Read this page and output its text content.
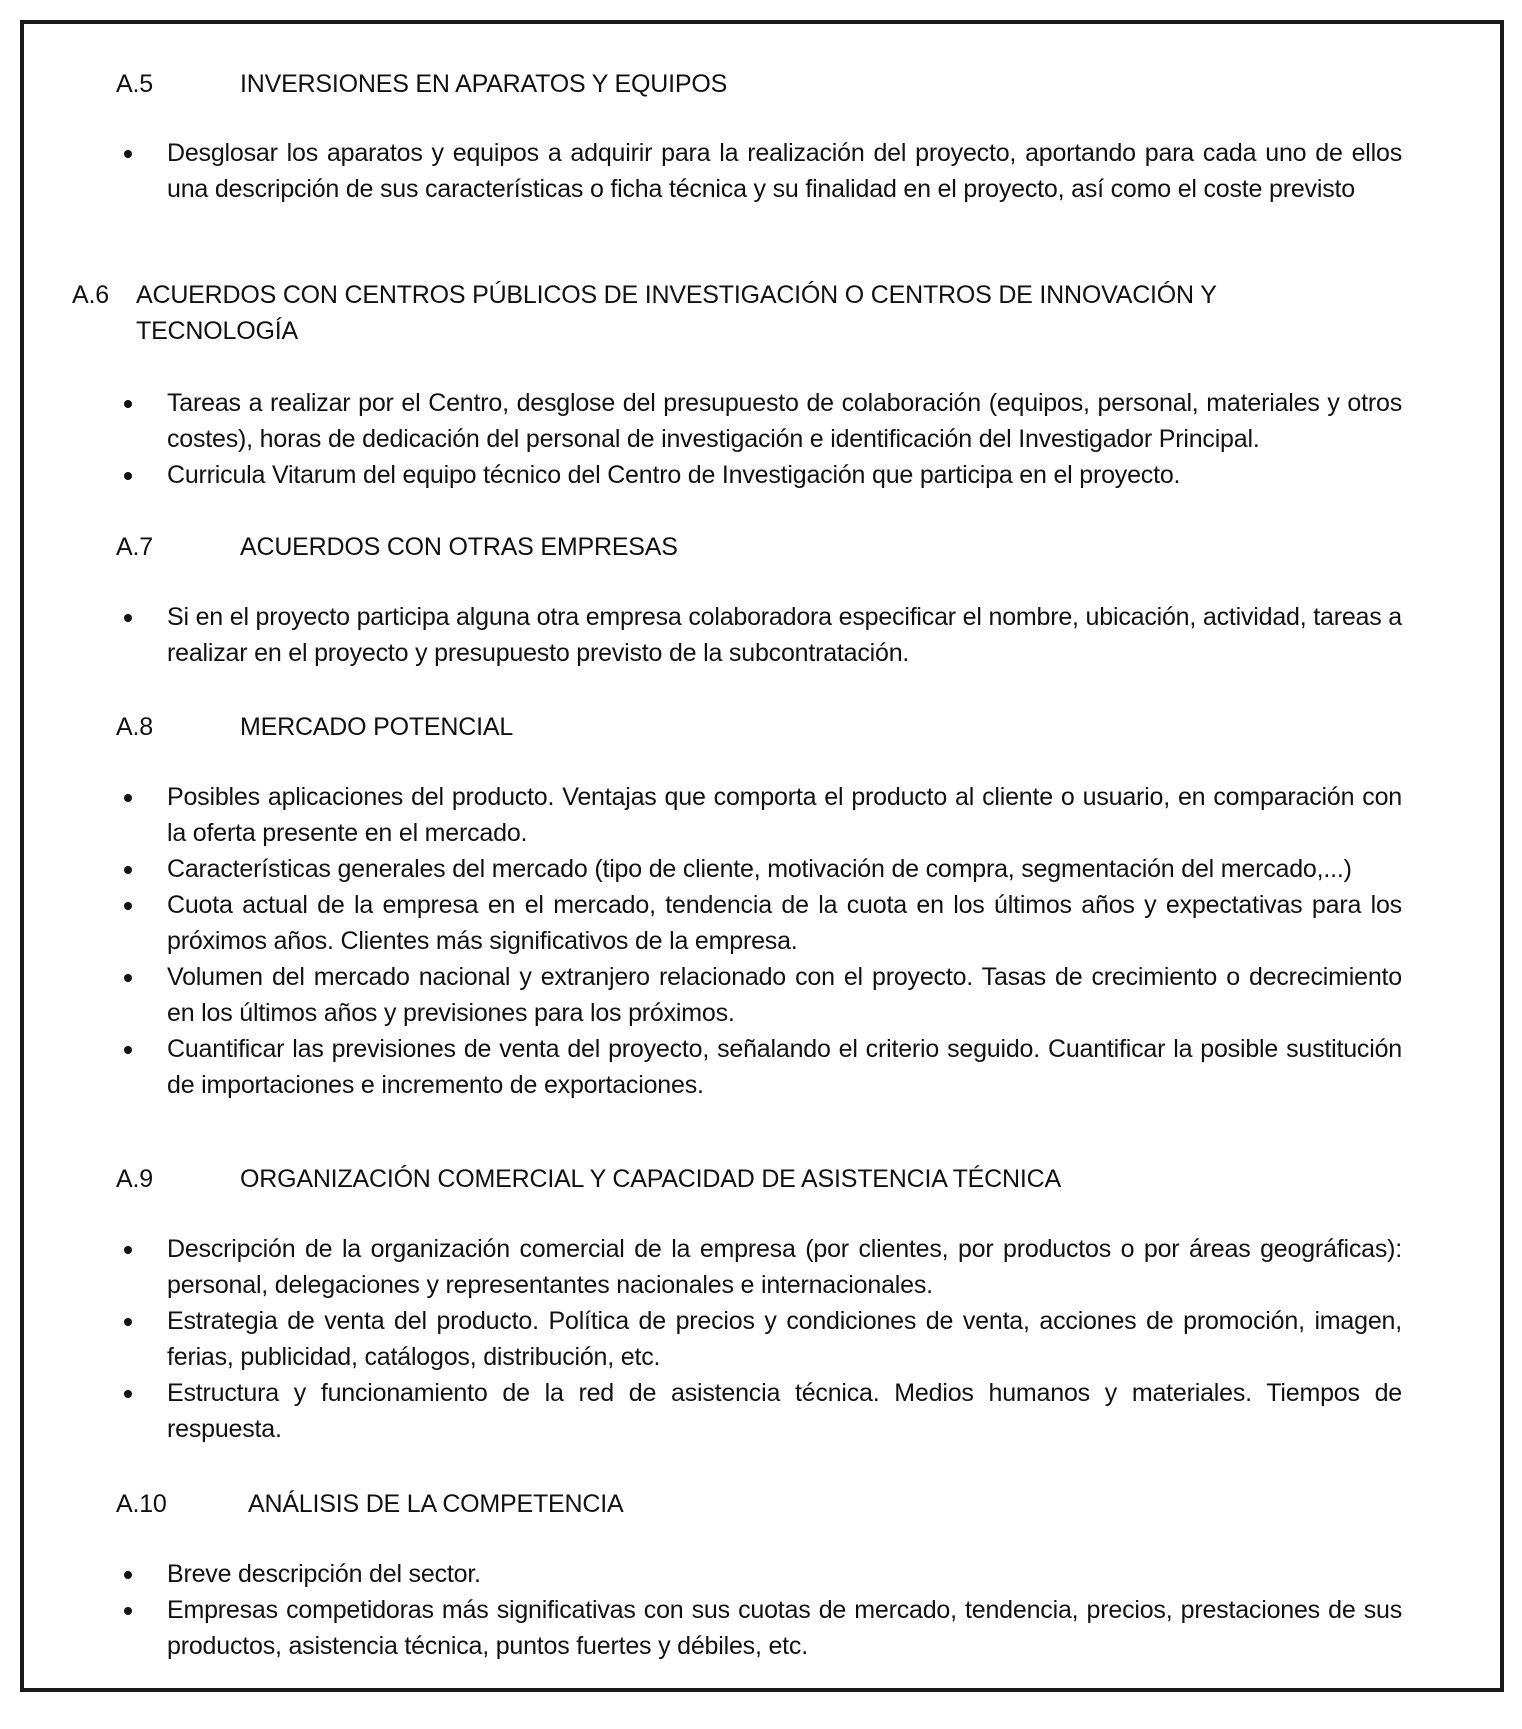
A.5	INVERSIONES EN APARATOS Y EQUIPOS
Desglosar los aparatos y equipos a adquirir para la realización del proyecto, aportando para cada uno de ellos una descripción de sus características o ficha técnica y su finalidad en el proyecto, así como el coste previsto
A.6 ACUERDOS CON CENTROS PÚBLICOS DE INVESTIGACIÓN O CENTROS DE INNOVACIÓN Y TECNOLOGÍA
Tareas a realizar por el Centro, desglose del presupuesto de colaboración (equipos, personal, materiales y otros costes), horas de dedicación del personal de investigación e identificación del Investigador Principal.
Curricula Vitarum del equipo técnico del Centro de Investigación que participa en el proyecto.
A.7	ACUERDOS CON OTRAS EMPRESAS
Si en el proyecto participa alguna otra empresa colaboradora especificar el nombre, ubicación, actividad, tareas a realizar en el proyecto y presupuesto previsto de la subcontratación.
A.8	MERCADO POTENCIAL
Posibles aplicaciones del producto. Ventajas que comporta el producto al cliente o usuario, en comparación con la oferta presente en el mercado.
Características generales del mercado (tipo de cliente, motivación de compra, segmentación del mercado,...)
Cuota actual de la empresa en el mercado, tendencia de la cuota en los últimos años y expectativas para los próximos años. Clientes más significativos de la empresa.
Volumen del mercado nacional y extranjero relacionado con el proyecto. Tasas de crecimiento o decrecimiento en los últimos años y previsiones para los próximos.
Cuantificar las previsiones de venta del proyecto, señalando el criterio seguido. Cuantificar la posible sustitución de importaciones e incremento de exportaciones.
A.9	ORGANIZACIÓN COMERCIAL Y CAPACIDAD DE ASISTENCIA TÉCNICA
Descripción de la organización comercial de la empresa (por clientes, por productos o por áreas geográficas): personal, delegaciones y representantes nacionales e internacionales.
Estrategia de venta del producto. Política de precios y condiciones de venta, acciones de promoción, imagen, ferias, publicidad, catálogos, distribución, etc.
Estructura y funcionamiento de la red de asistencia técnica. Medios humanos y materiales. Tiempos de respuesta.
A.10	ANÁLISIS DE LA COMPETENCIA
Breve descripción del sector.
Empresas competidoras más significativas con sus cuotas de mercado, tendencia, precios, prestaciones de sus productos, asistencia técnica, puntos fuertes y débiles, etc.
